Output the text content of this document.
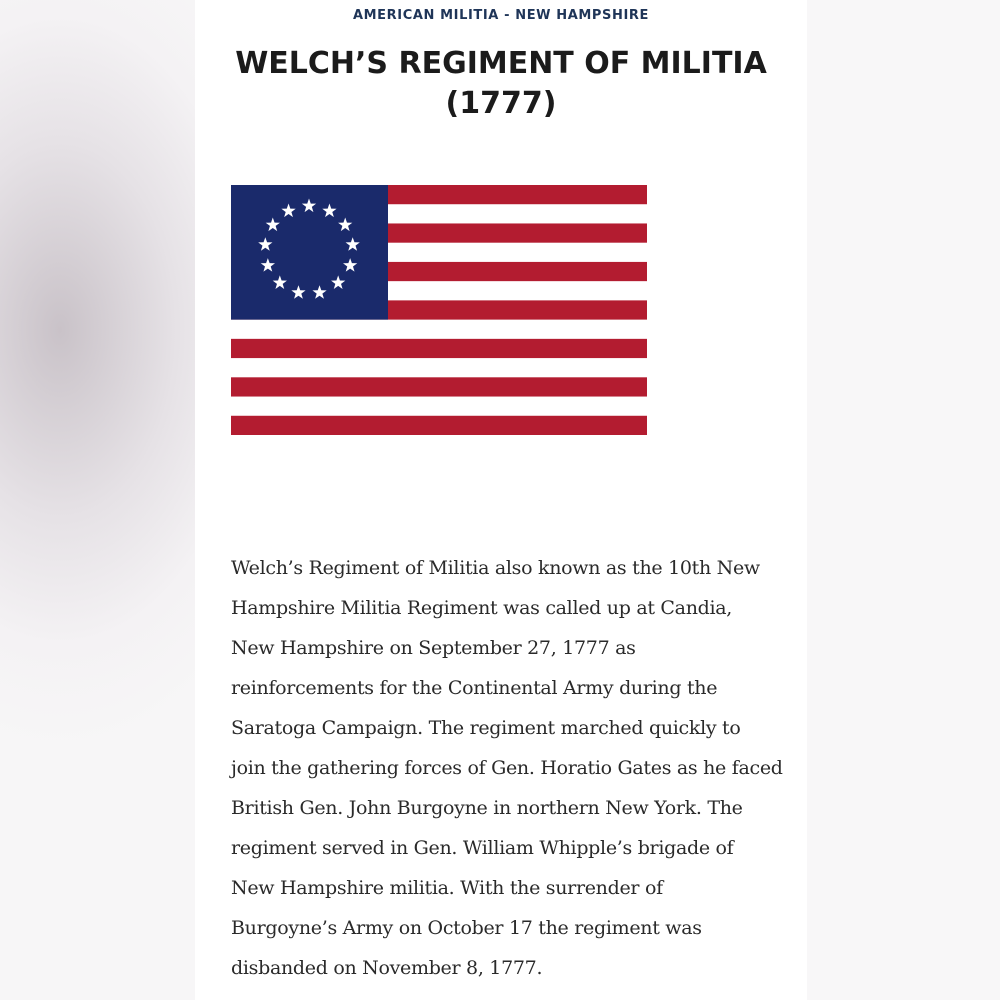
AMERICAN MILITIA - NEW HAMPSHIRE
WELCH’S REGIMENT OF MILITIA
(1777)
Welch’s Regiment of Militia also known as the 10th New
Hampshire Militia Regiment was called up at Candia,
New Hampshire on September 27, 1777 as
reinforcements for the Continental Army during the
Saratoga Campaign. The regiment marched quickly to
join the gathering forces of Gen. Horatio Gates as he faced
British Gen. John Burgoyne in northern New York. The
regiment served in Gen. William Whipple’s brigade of
New Hampshire militia. With the surrender of
Burgoyne’s Army on October 17 the regiment was
disbanded on November 8, 1777.
